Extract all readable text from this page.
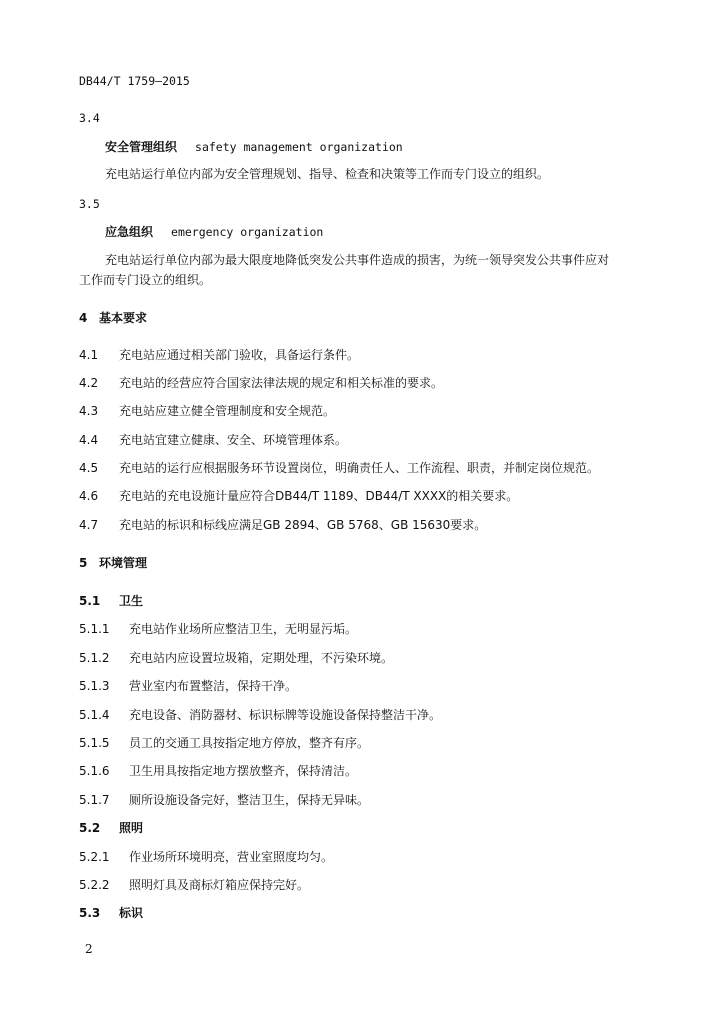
DB44/T 1759—2015
3.4
安全管理组织 safety management organization
充电站运行单位内部为安全管理规划、指导、检查和决策等工作而专门设立的组织。
3.5
应急组织 emergency organization
充电站运行单位内部为最大限度地降低突发公共事件造成的损害，为统一领导突发公共事件应对
工作而专门设立的组织。
4 基本要求
4.1 充电站应通过相关部门验收，具备运行条件。
4.2 充电站的经营应符合国家法律法规的规定和相关标准的要求。
4.3 充电站应建立健全管理制度和安全规范。
4.4 充电站宜建立健康、安全、环境管理体系。
4.5 充电站的运行应根据服务环节设置岗位，明确责任人、工作流程、职责，并制定岗位规范。
4.6 充电站的充电设施计量应符合DB44/T 1189、DB44/T XXXX的相关要求。
4.7 充电站的标识和标线应满足GB 2894、GB 5768、GB 15630要求。
5 环境管理
5.1 卫生
5.1.1 充电站作业场所应整洁卫生，无明显污垢。
5.1.2 充电站内应设置垃圾箱，定期处理，不污染环境。
5.1.3 营业室内布置整洁，保持干净。
5.1.4 充电设备、消防器材、标识标牌等设施设备保持整洁干净。
5.1.5 员工的交通工具按指定地方停放，整齐有序。
5.1.6 卫生用具按指定地方摆放整齐，保持清洁。
5.1.7 厕所设施设备完好，整洁卫生，保持无异味。
5.2 照明
5.2.1 作业场所环境明亮，营业室照度均匀。
5.2.2 照明灯具及商标灯箱应保持完好。
5.3 标识
2
